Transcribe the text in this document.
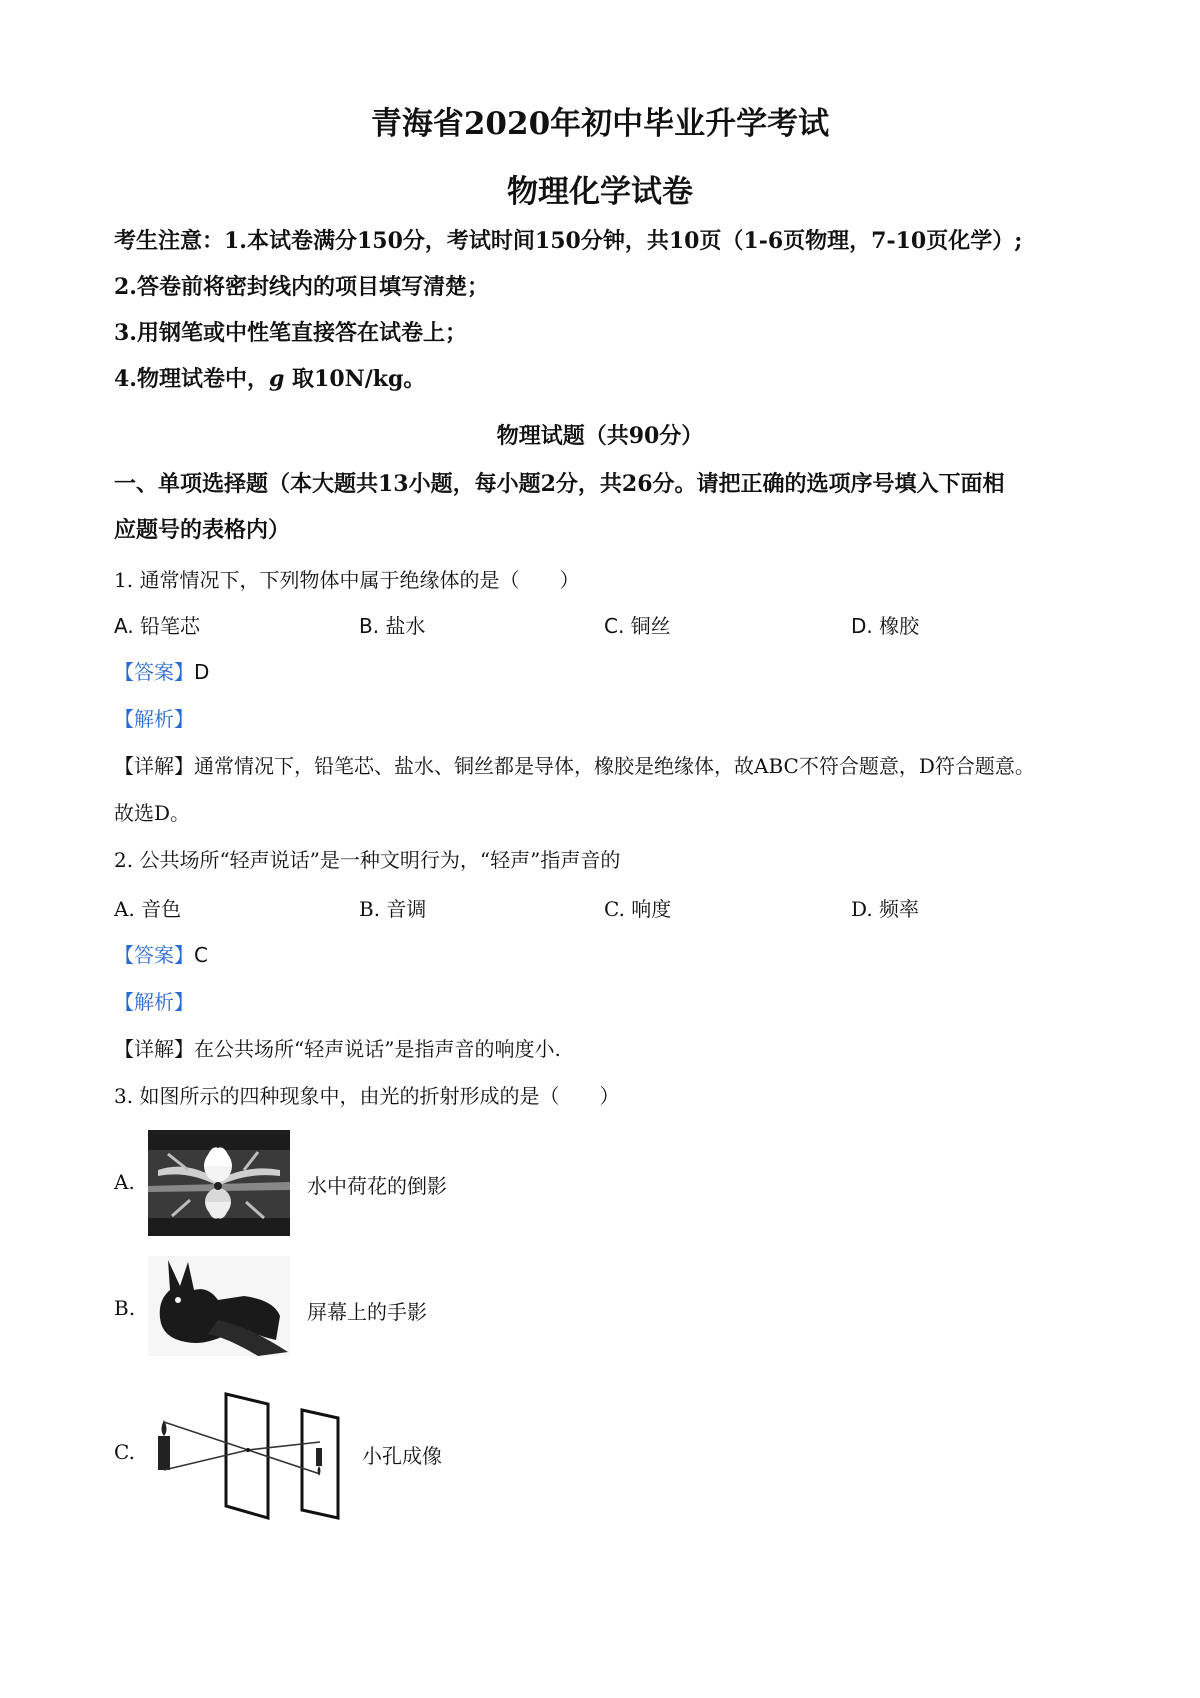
青海省2020年初中毕业升学考试
物理化学试卷
考生注意：1.本试卷满分150分，考试时间150分钟，共10页（1-6页物理，7-10页化学）;
2.答卷前将密封线内的项目填写清楚；
3.用钢笔或中性笔直接答在试卷上；
4.物理试卷中，g 取10N/kg。
物理试题（共90分）
一、单项选择题（本大题共13小题，每小题2分，共26分。请把正确的选项序号填入下面相
应题号的表格内）
1. 通常情况下，下列物体中属于绝缘体的是（　　）
A. 铅笔芯	B. 盐水	C. 铜丝	D. 橡胶
【答案】D
【解析】
【详解】通常情况下，铅笔芯、盐水、铜丝都是导体，橡胶是绝缘体，故ABC不符合题意，D符合题意。
故选D。
2. 公共场所“轻声说话”是一种文明行为，“轻声”指声音的
A. 音色	B. 音调	C. 响度	D. 频率
【答案】C
【解析】
【详解】在公共场所“轻声说话”是指声音的响度小.
3. 如图所示的四种现象中，由光的折射形成的是（　　）
A.	水中荷花的倒影
B.	屏幕上的手影
C.	小孔成像
